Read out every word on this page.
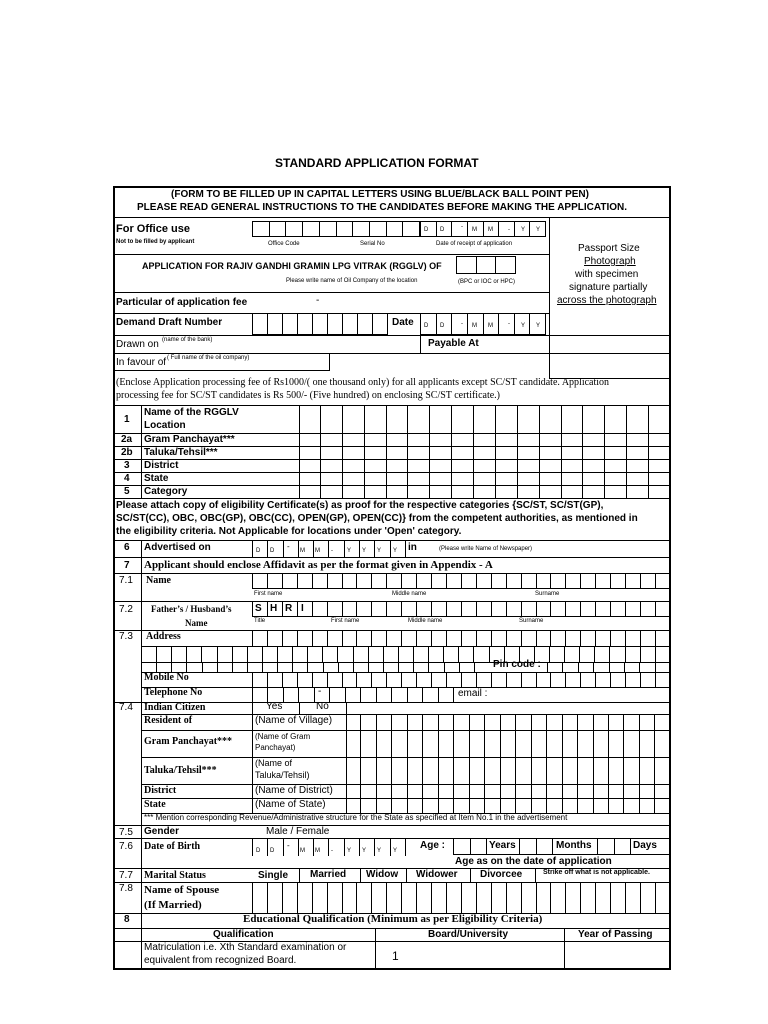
STANDARD APPLICATION FORMAT
(FORM TO BE FILLED UP IN CAPITAL LETTERS USING BLUE/BLACK BALL POINT PEN)
PLEASE READ GENERAL INSTRUCTIONS TO THE CANDIDATES BEFORE MAKING THE APPLICATION.
For Office use
Not to be filled by applicant
D D	- M M	- Y Y
Office Code	Serial No	Date of receipt of application	Passport Size
Photograph
with specimen
signature partially
across the photograph
APPLICATION FOR RAJIV GANDHI GRAMIN LPG VITRAK (RGGLV) OF
Please write name of Oil Company of the location	(BPC or IOC or HPC)
Particular of application fee	-
Demand Draft Number	Date D D	- M M	- Y Y
Drawn on (name of the bank)	Payable At
In favour of ( Full name of the oil company)
(Enclose Application processing fee of Rs1000/( one thousand only) for all applicants except SC/ST candidate. Application
processing fee for SC/ST candidates is Rs 500/- (Five hundred) on enclosing SC/ST certificate.)
1
Name of the RGGLV
Location
2a Gram Panchayat***
2b Taluka/Tehsil***
3 District
4 State
5 Category
Please attach copy of eligibility Certificate(s) as proof for the respective categories {SC/ST, SC/ST(GP),
SC/ST(CC), OBC, OBC(GP), OBC(CC), OPEN(GP), OPEN(CC)} from the competent authorities, as mentioned in
the eligibility criteria. Not Applicable for locations under 'Open' category.
6 Advertised on	D D - M M - Y Y Y Y in	(Please write Name of Newspaper)
7 Applicant should enclose Affidavit as per the format given in Appendix - A
7.1 Name
First name	Middle name	Surname
7.2 Father’s / Husband’s
Name
S H R I
Title	First name	Middle name	Surname
7.3 Address
Pin code :
Mobile No
Telephone No	-	email :
7.4 Indian Citizen	Yes	No
Resident of	(Name of Village)
Gram Panchayat***	(Name of Gram
Panchayat)
Taluka/Tehsil***
(Name of
Taluka/Tehsil)
District	(Name of District)
State	(Name of State)
*** Mention corresponding Revenue/Administrative structure for the State as specified at Item No.1 in the advertisement
7.5 Gender	Male / Female
7.6 Date of Birth	D D
-
M M - Y Y Y Y Age :	Years	Months	Days
Age as on the date of application
7.7 Marital Status	Single Married Widow Widower Divorcee	Strike off what is not applicable.
7.8 Name of Spouse
(If Married)
8	Educational Qualification (Minimum as per Eligibility Criteria)
Qualification	Board/University	Year of Passing
Matriculation i.e. Xth Standard examination or
equivalent from recognized Board.	1
